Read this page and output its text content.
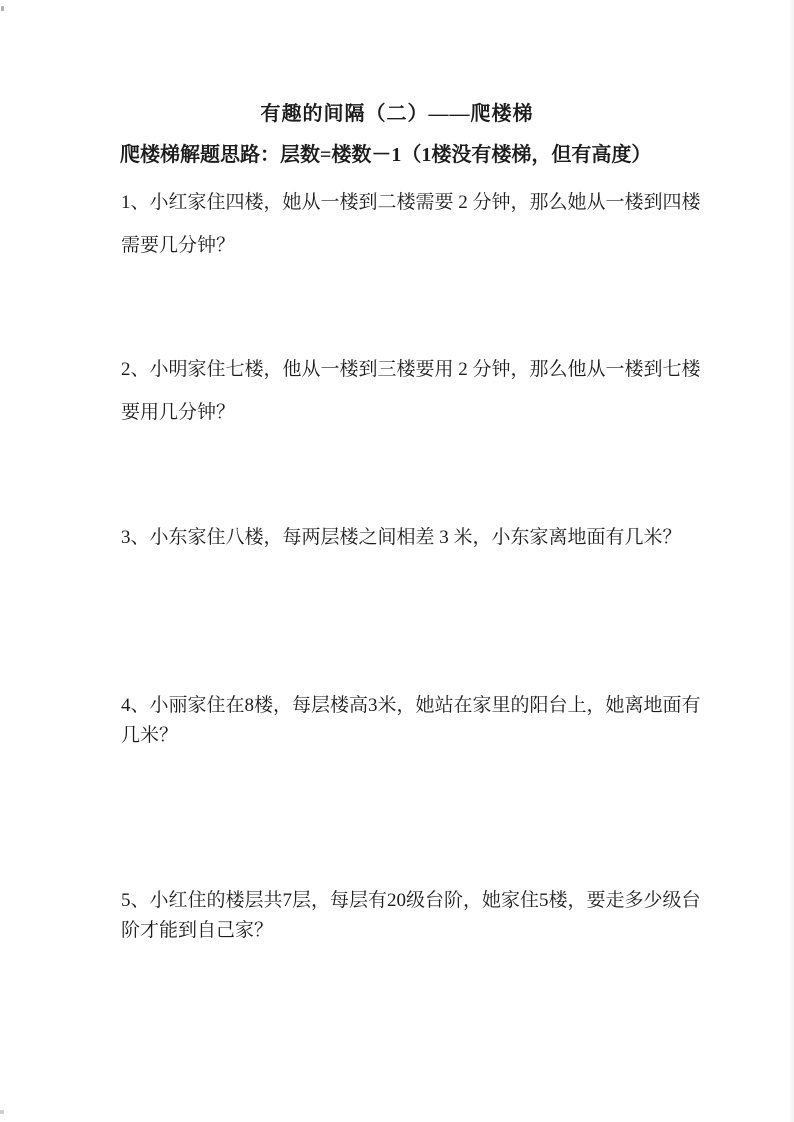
有趣的间隔（二）——爬楼梯
爬楼梯解题思路：层数=楼数－1（1楼没有楼梯，但有高度）
1、小红家住四楼，她从一楼到二楼需要 2 分钟，那么她从一楼到四楼
需要几分钟？
2、小明家住七楼，他从一楼到三楼要用 2 分钟，那么他从一楼到七楼
要用几分钟？
3、小东家住八楼，每两层楼之间相差 3 米，小东家离地面有几米？
4、小丽家住在8楼，每层楼高3米，她站在家里的阳台上，她离地面有
几米？
5、小红住的楼层共7层，每层有20级台阶，她家住5楼，要走多少级台
阶才能到自己家？
